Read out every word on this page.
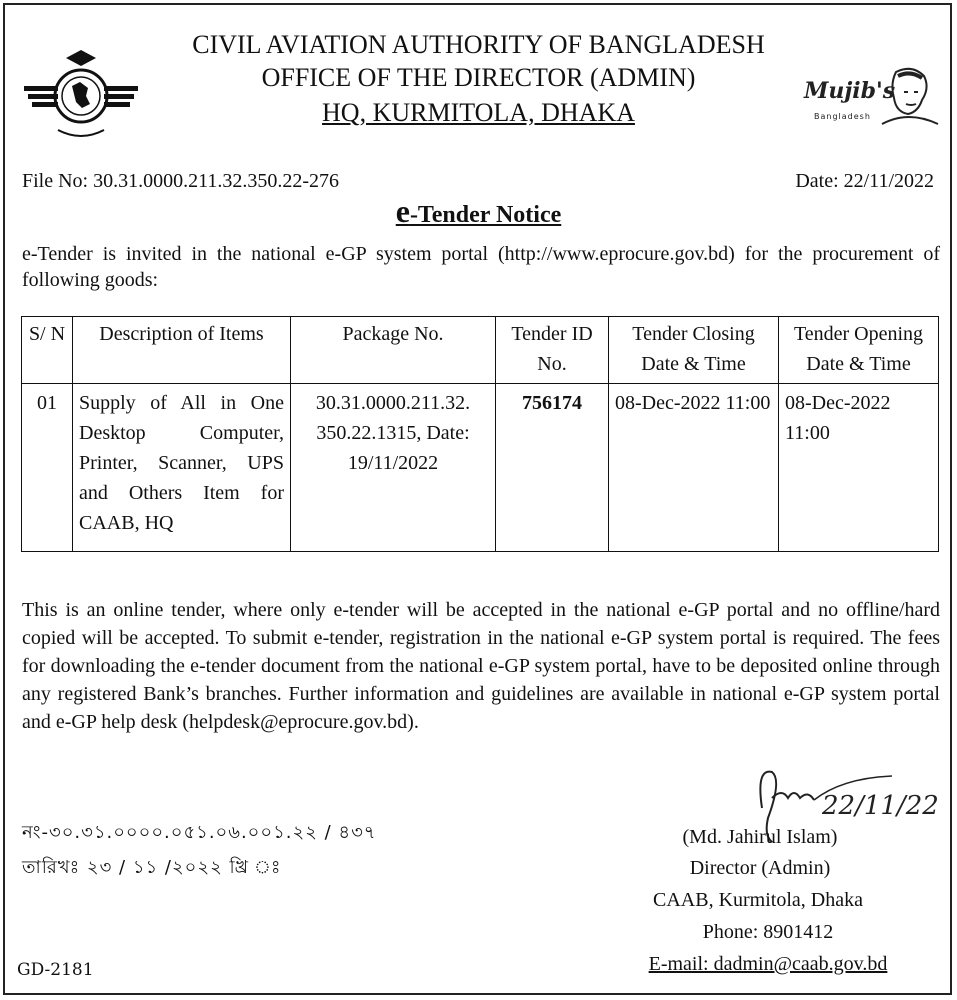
Mujib's
Bangladesh
CIVIL AVIATION AUTHORITY OF BANGLADESH
OFFICE OF THE DIRECTOR (ADMIN)
HQ, KURMITOLA, DHAKA
File No: 30.31.0000.211.32.350.22-276	Date: 22/11/2022
e-Tender Notice
e-Tender is invited in the national e-GP system portal (http://www.eprocure.gov.bd) for the procurement of following goods:
S/ N	Description of Items	Package No.	Tender ID No.	Tender Closing Date & Time	Tender Opening Date & Time
01	Supply of All in One Desktop Computer, Printer, Scanner, UPS and Others Item for CAAB, HQ	30.31.0000.211.32. 350.22.1315, Date: 19/11/2022	756174	08-Dec-2022 11:00	08-Dec-2022 11:00
This is an online tender, where only e-tender will be accepted in the national e-GP portal and no offline/hard copied will be accepted. To submit e-tender, registration in the national e-GP system portal is required. The fees for downloading the e-tender document from the national e-GP system portal, have to be deposited online through any registered Bank’s branches. Further information and guidelines are available in national e-GP system portal and e-GP help desk (helpdesk@eprocure.gov.bd).
নং-৩০.৩১.০০০০.০৫১.০৬.০০১.২২ / ৪৩৭
তারিখঃ ২৩ / ১১ /২০২২ খ্রি ঃ
22/11/22
(Md. Jahirul Islam)
Director (Admin)
CAAB, Kurmitola, Dhaka
Phone: 8901412
E-mail: dadmin@caab.gov.bd
GD-2181
